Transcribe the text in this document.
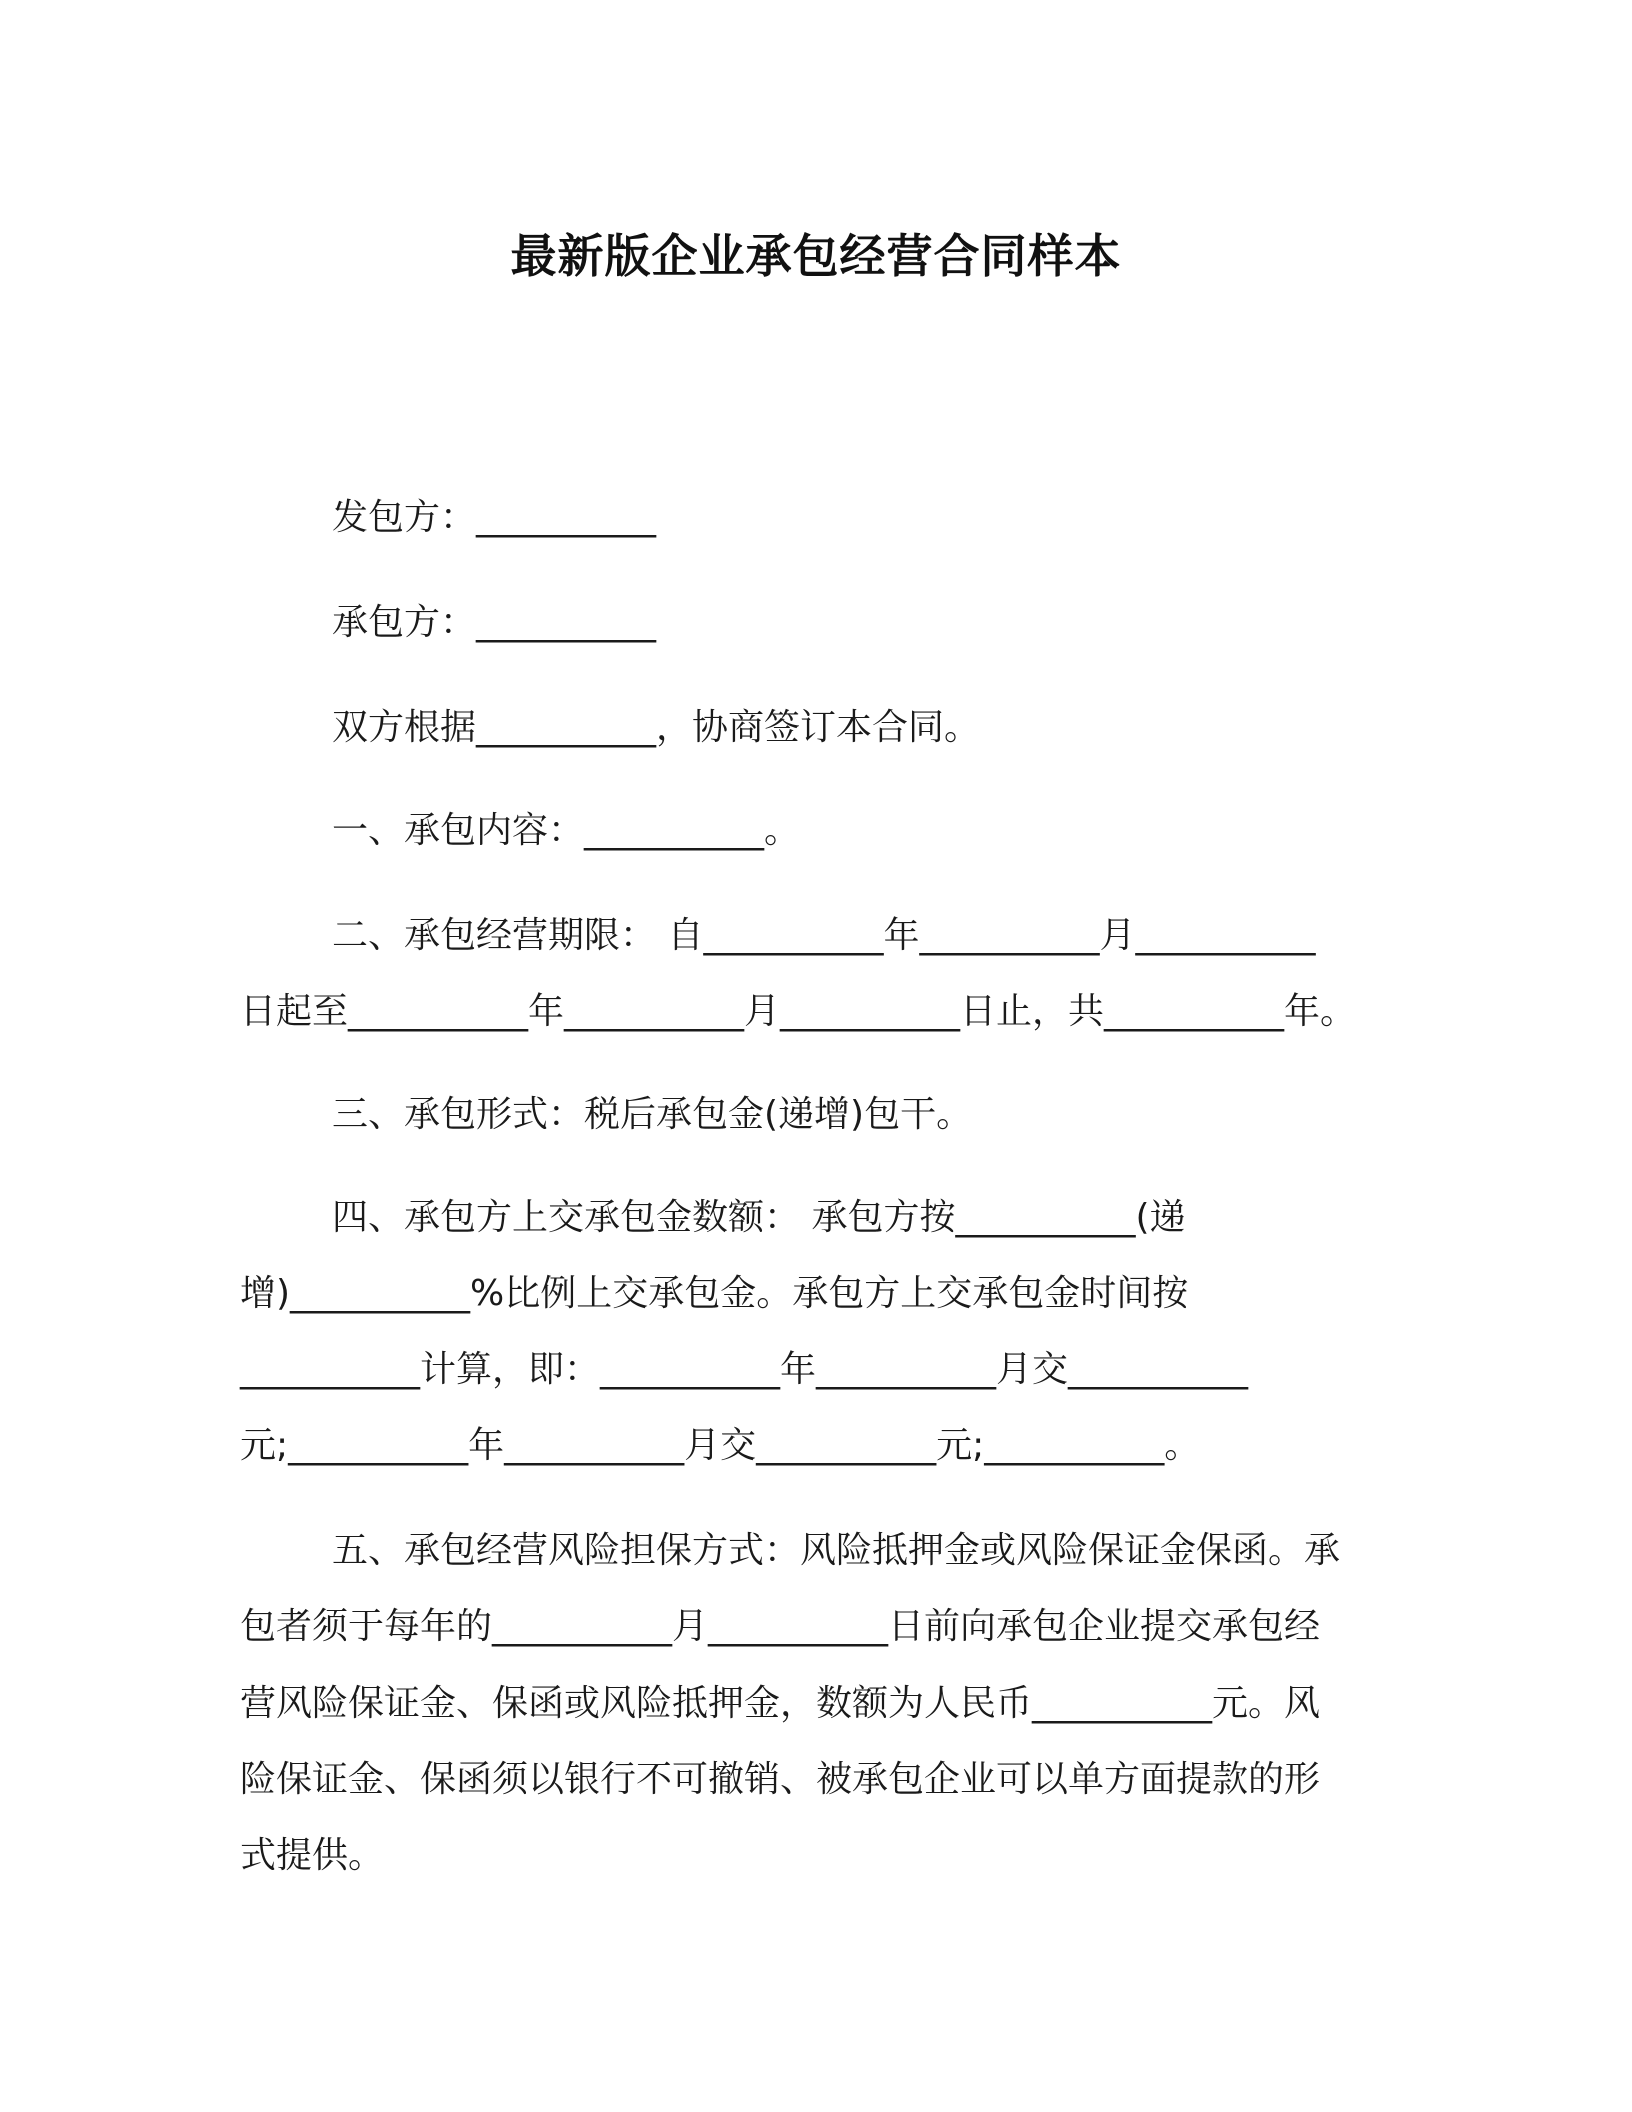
最新版企业承包经营合同样本
发包方：__________
承包方：__________
双方根据__________，协商签订本合同。
一、承包内容：__________。
二、承包经营期限： 自__________年__________月__________
日起至__________年__________月__________日止，共__________年。
三、承包形式：税后承包金(递增)包干。
四、承包方上交承包金数额： 承包方按__________(递
增)__________%比例上交承包金。承包方上交承包金时间按
__________计算，即：__________年__________月交__________
元;__________年__________月交__________元;__________。
五、承包经营风险担保方式：风险抵押金或风险保证金保函。承
包者须于每年的__________月__________日前向承包企业提交承包经
营风险保证金、保函或风险抵押金，数额为人民币__________元。风
险保证金、保函须以银行不可撤销、被承包企业可以单方面提款的形
式提供。
